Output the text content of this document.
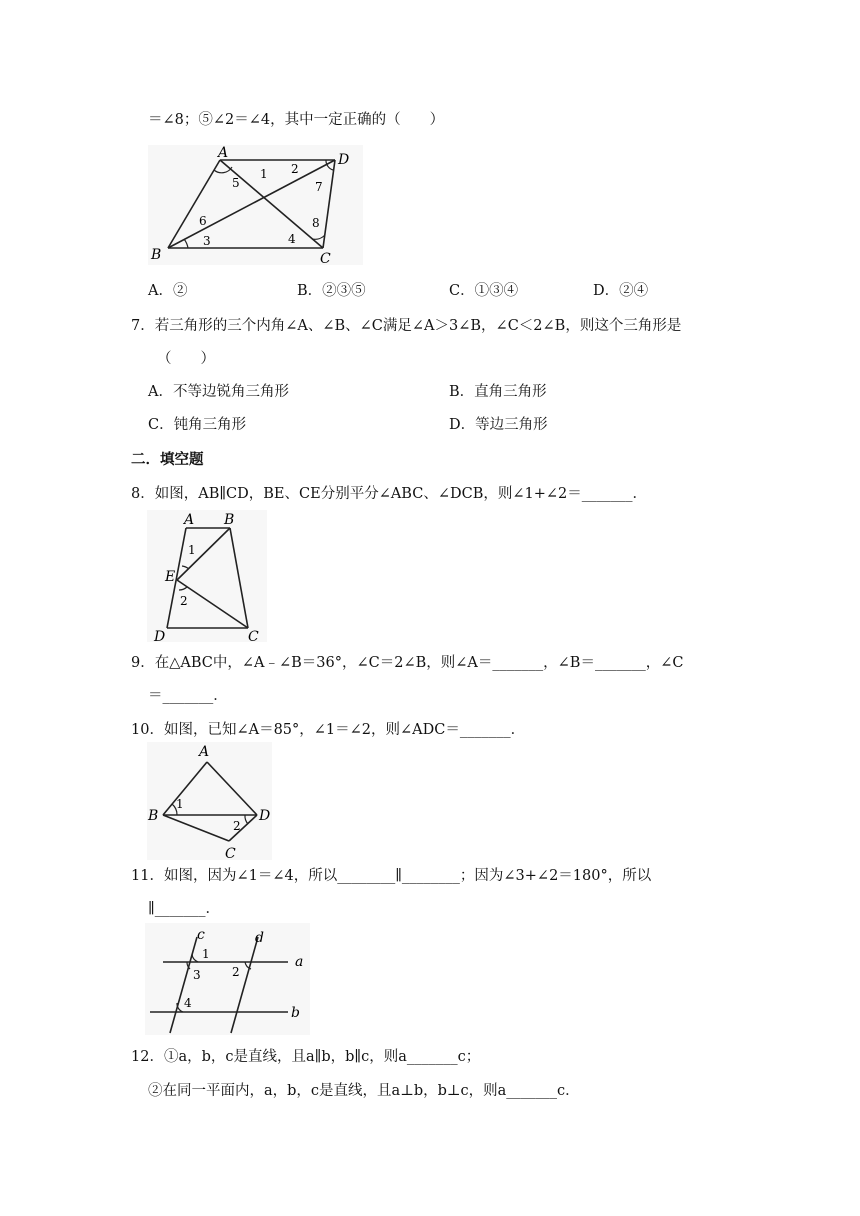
＝∠8；⑤∠2＝∠4，其中一定正确的（　　）
A	D
B	C
1 2
3	4
5
6
7
8
A．②	B．②③⑤	C．①③④	D．②④
7．若三角形的三个内角∠A、∠B、∠C满足∠A＞3∠B，∠C＜2∠B，则这个三角形是
（　　）
A．不等边锐角三角形	B．直角三角形
C．钝角三角形	D．等边三角形
二．填空题
8．如图，AB∥CD，BE、CE分别平分∠ABC、∠DCB，则∠1+∠2＝_______．
A B
E
D	C
1
2
9．在△ABC中，∠A﹣∠B＝36°，∠C＝2∠B，则∠A＝_______，∠B＝_______，∠C
＝_______．
10．如图，已知∠A＝85°，∠1＝∠2，则∠ADC＝_______．
A
B	D
C
1
2
11．如图，因为∠1＝∠4，所以________∥________；因为∠3+∠2＝180°，所以
∥_______．
c	d
a
b
1
2
3
4
12．①a，b，c是直线，且a∥b，b∥c，则a_______c；
②在同一平面内，a，b，c是直线，且a⊥b，b⊥c，则a_______c．
